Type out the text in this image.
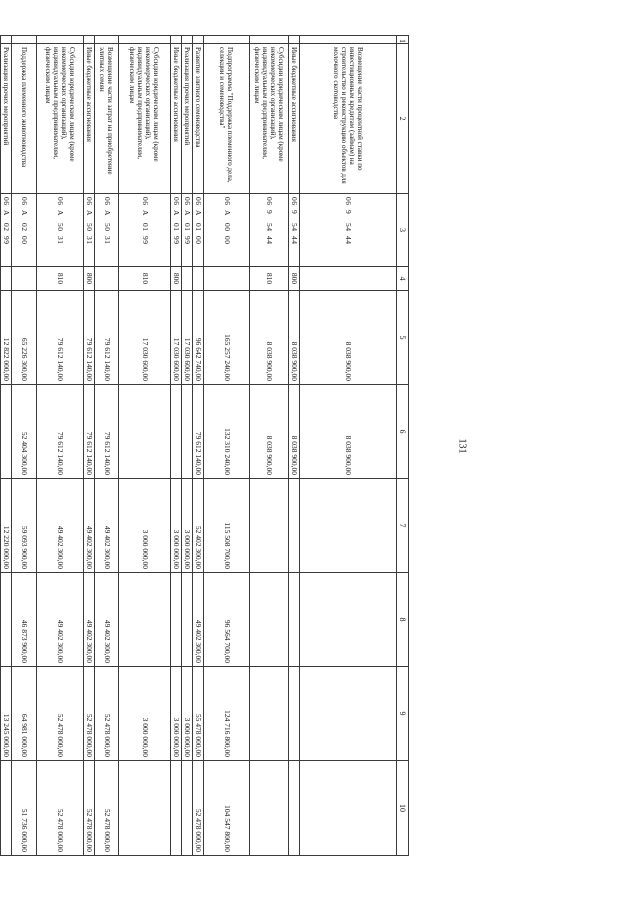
131
1	2	3	4	5	6	7	8	9	10
	Возмещение части процентной ставки по инвестиционным кредитам (займам) на строительство и реконструкцию объектов для молочного скотоводства	0695444		8 038 900,00	8 038 900,00				
	Иные бюджетные ассигнования	0695444	800	8 038 900,00	8 038 900,00				
	Субсидии юридическим лицам (кроме некоммерческих организаций), индивидуальным предпринимателям, физическим лицам	0695444	810	8 038 900,00	8 038 900,00				
	Подпрограмма "Поддержка племенного дела, селекции и семеноводства"	06А0000		165 257 240,00	132 310 240,00	115 508 700,00	96 564 700,00	124 716 800,00	104 547 800,00
	Развитие элитного семеноводства	06А0100		96 642 740,00	79 612 140,00	52 402 300,00	49 402 300,00	55 478 000,00	52 478 000,00
	Реализация прочих мероприятий	06А0199		17 030 600,00		3 000 000,00		3 000 000,00	
	Иные бюджетные ассигнования	06А0199	800	17 030 600,00		3 000 000,00		3 000 000,00	
	Субсидии юридическим лицам (кроме некоммерческих организаций), индивидуальным предпринимателям, физическим лицам	06А0199	810	17 030 600,00		3 000 000,00		3 000 000,00	
	Возмещение части затрат на приобретение элитных семян	06А5031		79 612 140,00	79 612 140,00	49 402 300,00	49 402 300,00	52 478 000,00	52 478 000,00
	Иные бюджетные ассигнования	06А5031	800	79 612 140,00	79 612 140,00	49 402 300,00	49 402 300,00	52 478 000,00	52 478 000,00
	Субсидии юридическим лицам (кроме некоммерческих организаций), индивидуальным предпринимателям, физическим лицам	06А5031	810	79 612 140,00	79 612 140,00	49 402 300,00	49 402 300,00	52 478 000,00	52 478 000,00
	Поддержка племенного животноводства	06А0200		65 226 300,00	52 404 300,00	59 093 900,00	46 873 900,00	64 981 000,00	51 736 000,00
	Реализация прочих мероприятий	06А0299		12 822 000,00		12 220 000,00		13 245 000,00	
